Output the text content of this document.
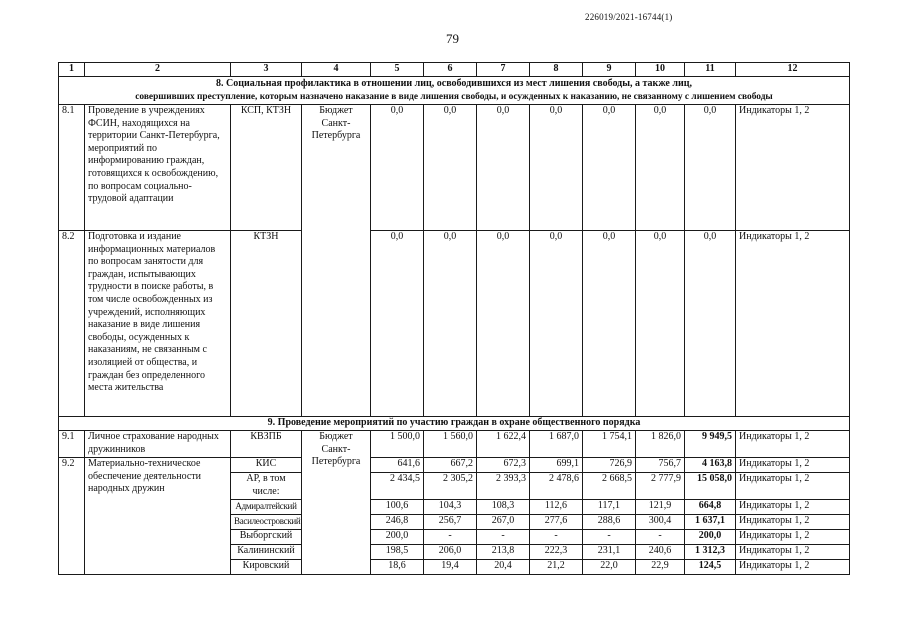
226019/2021-16744(1)
79
1	2	3	4	5	6	7	8	9	10	11	12

8. Социальная профилактика в отношении лиц, освободившихся из мест лишения свободы, а также лиц,
совершивших преступление, которым назначено наказание в виде лишения свободы, и осужденных к наказанию, не связанному с лишением свободы											

8.1	Проведение в учреждениях ФСИН, находящихся на территории Санкт-Петербурга, мероприятий по информированию граждан, готовящихся к освобождению, по вопросам социально-трудовой адаптации	КСП, КТЗН	Бюджет Санкт-Петербурга	0,0	0,0	0,0	0,0	0,0	0,0	0,0	Индикаторы 1, 2
8.2	Подготовка и издание информационных материалов по вопросам занятости для граждан, испытывающих трудности в поиске работы, в том числе освобожденных из учреждений, исполняющих наказание в виде лишения свободы, осужденных к наказаниям, не связанным с изоляцией от общества, и граждан без определенного места жительства	КТЗН		0,0	0,0	0,0	0,0	0,0	0,0	0,0	Индикаторы 1, 2
9. Проведение мероприятий по участию граждан в охране общественного порядка											
9.1	Личное страхование народных дружинников	КВЗПБ	Бюджет Санкт-Петербурга	1 500,0	1 560,0	1 622,4	1 687,0	1 754,1	1 826,0	9 949,5	Индикаторы 1, 2
9.2	Материально-техническое обеспечение деятельности народных дружин	КИС		641,6	667,2	672,3	699,1	726,9	756,7	4 163,8	Индикаторы 1, 2
		АР, в том числе:		2 434,5	2 305,2	2 393,3	2 478,6	2 668,5	2 777,9	15 058,0	Индикаторы 1, 2
		Адмиралтейский		100,6	104,3	108,3	112,6	117,1	121,9	664,8	Индикаторы 1, 2
		Василеостровский		246,8	256,7	267,0	277,6	288,6	300,4	1 637,1	Индикаторы 1, 2
		Выборгский		200,0	-	-	-	-	-	200,0	Индикаторы 1, 2
		Калининский		198,5	206,0	213,8	222,3	231,1	240,6	1 312,3	Индикаторы 1, 2
		Кировский		18,6	19,4	20,4	21,2	22,0	22,9	124,5	Индикаторы 1, 2
